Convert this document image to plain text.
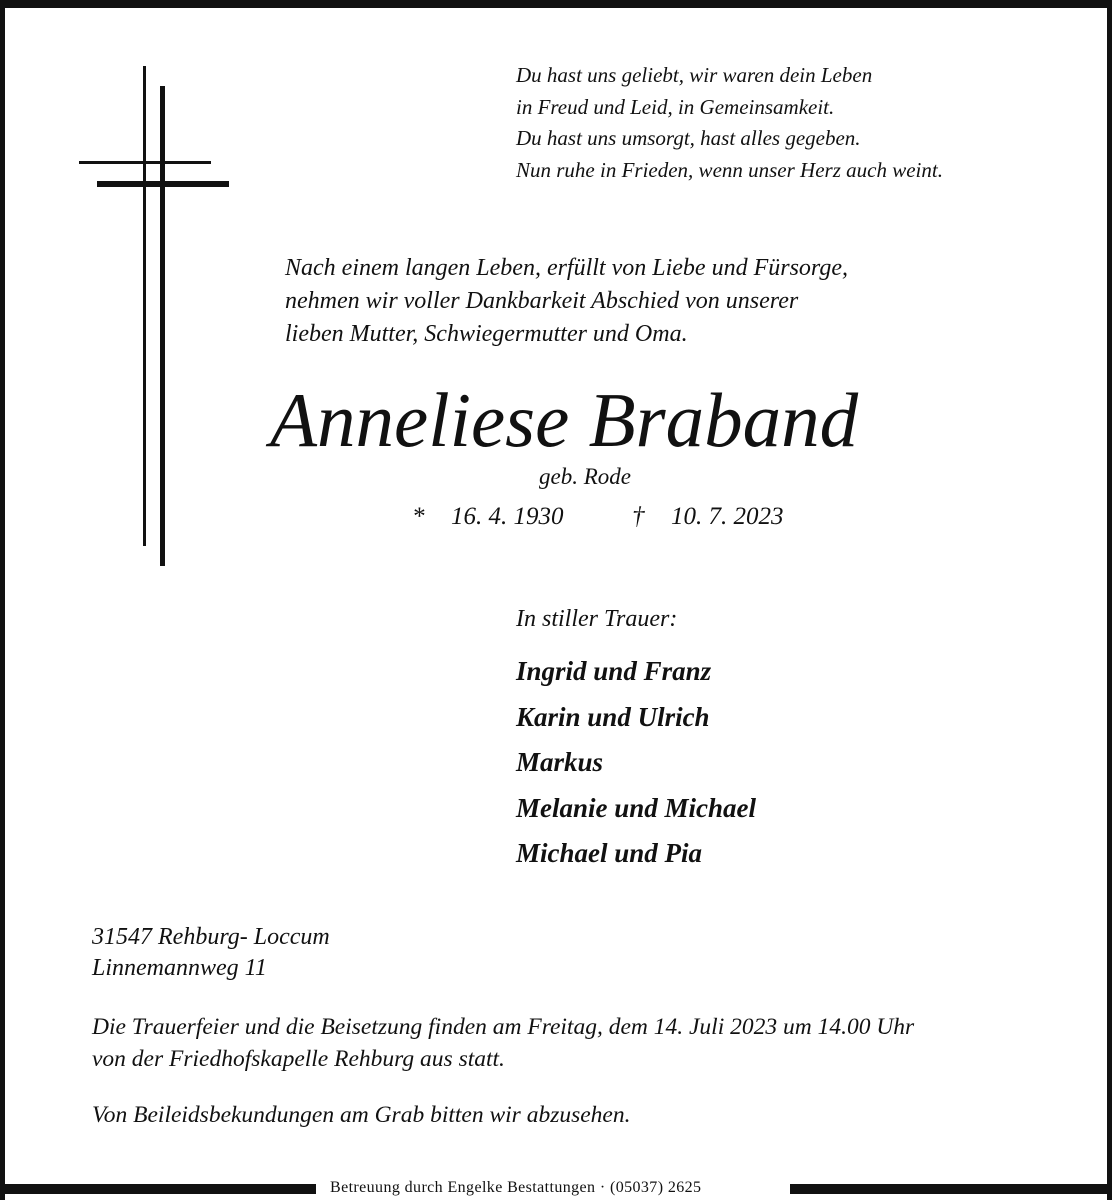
Du hast uns geliebt, wir waren dein Leben
in Freud und Leid, in Gemeinsamkeit.
Du hast uns umsorgt, hast alles gegeben.
Nun ruhe in Frieden, wenn unser Herz auch weint.
Nach einem langen Leben, erfüllt von Liebe und Fürsorge,
nehmen wir voller Dankbarkeit Abschied von unserer
lieben Mutter, Schwiegermutter und Oma.
Anneliese Braband
geb. Rode
* 16. 4. 1930	† 10. 7. 2023
In stiller Trauer:
Ingrid und Franz
Karin und Ulrich
Markus
Melanie und Michael
Michael und Pia
31547 Rehburg- Loccum
Linnemannweg 11
Die Trauerfeier und die Beisetzung finden am Freitag, dem 14. Juli 2023 um 14.00 Uhr
von der Friedhofskapelle Rehburg aus statt.
Von Beileidsbekundungen am Grab bitten wir abzusehen.
Betreuung durch Engelke Bestattungen · (05037) 2625
